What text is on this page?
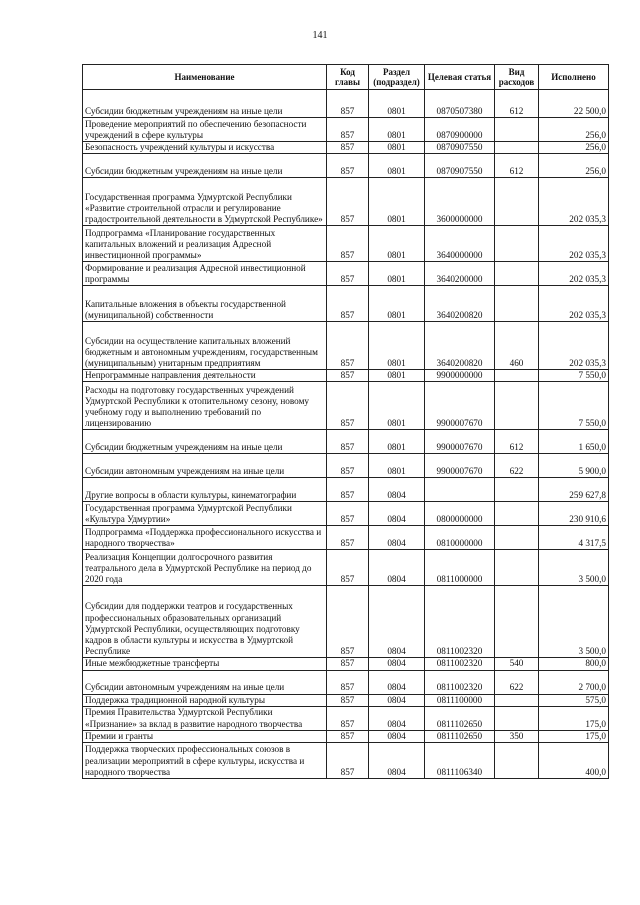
141
Наименование	Код главы	Раздел (подраздел)	Целевая статья	Вид расходов	Исполнено
Субсидии бюджетным учреждениям на иные цели	857	0801	0870507380	612	22 500,0
Проведение мероприятий по обеспечению безопасности учреждений в сфере культуры	857	0801	0870900000		256,0
Безопасность учреждений культуры и искусства	857	0801	0870907550		256,0
Субсидии бюджетным учреждениям на иные цели	857	0801	0870907550	612	256,0
Государственная программа Удмуртской Республики «Развитие строительной отрасли и регулирование градостроительной деятельности в Удмуртской Республике»	857	0801	3600000000		202 035,3
Подпрограмма «Планирование государственных капитальных вложений и реализация Адресной инвестиционной программы»	857	0801	3640000000		202 035,3
Формирование и реализация Адресной инвестиционной программы	857	0801	3640200000		202 035,3
Капитальные вложения в объекты государственной (муниципальной) собственности	857	0801	3640200820		202 035,3
Субсидии на осуществление капитальных вложений бюджетным и автономным учреждениям, государственным (муниципальным) унитарным предприятиям	857	0801	3640200820	460	202 035,3
Непрограммные направления деятельности	857	0801	9900000000		7 550,0
Расходы на подготовку государственных учреждений Удмуртской Республики к отопительному сезону, новому учебному году и выполнению требований по лицензированию	857	0801	9900007670		7 550,0
Субсидии бюджетным учреждениям на иные цели	857	0801	9900007670	612	1 650,0
Субсидии автономным учреждениям на иные цели	857	0801	9900007670	622	5 900,0
Другие вопросы в области культуры, кинематографии	857	0804			259 627,8
Государственная программа Удмуртской Республики «Культура Удмуртии»	857	0804	0800000000		230 910,6
Подпрограмма «Поддержка профессионального искусства и народного творчества»	857	0804	0810000000		4 317,5
Реализация Концепции долгосрочного развития театрального дела в Удмуртской Республике на период до 2020 года	857	0804	0811000000		3 500,0
Субсидии для поддержки театров и государственных профессиональных образовательных организаций Удмуртской Республики, осуществляющих подготовку кадров в области культуры и искусства в Удмуртской Республике	857	0804	0811002320		3 500,0
Иные межбюджетные трансферты	857	0804	0811002320	540	800,0
Субсидии автономным учреждениям на иные цели	857	0804	0811002320	622	2 700,0
Поддержка традиционной народной культуры	857	0804	0811100000		575,0
Премия Правительства Удмуртской Республики «Признание» за вклад в развитие народного творчества	857	0804	0811102650		175,0
Премии и гранты	857	0804	0811102650	350	175,0
Поддержка творческих профессиональных союзов в реализации мероприятий в сфере культуры, искусства и народного творчества	857	0804	0811106340		400,0
